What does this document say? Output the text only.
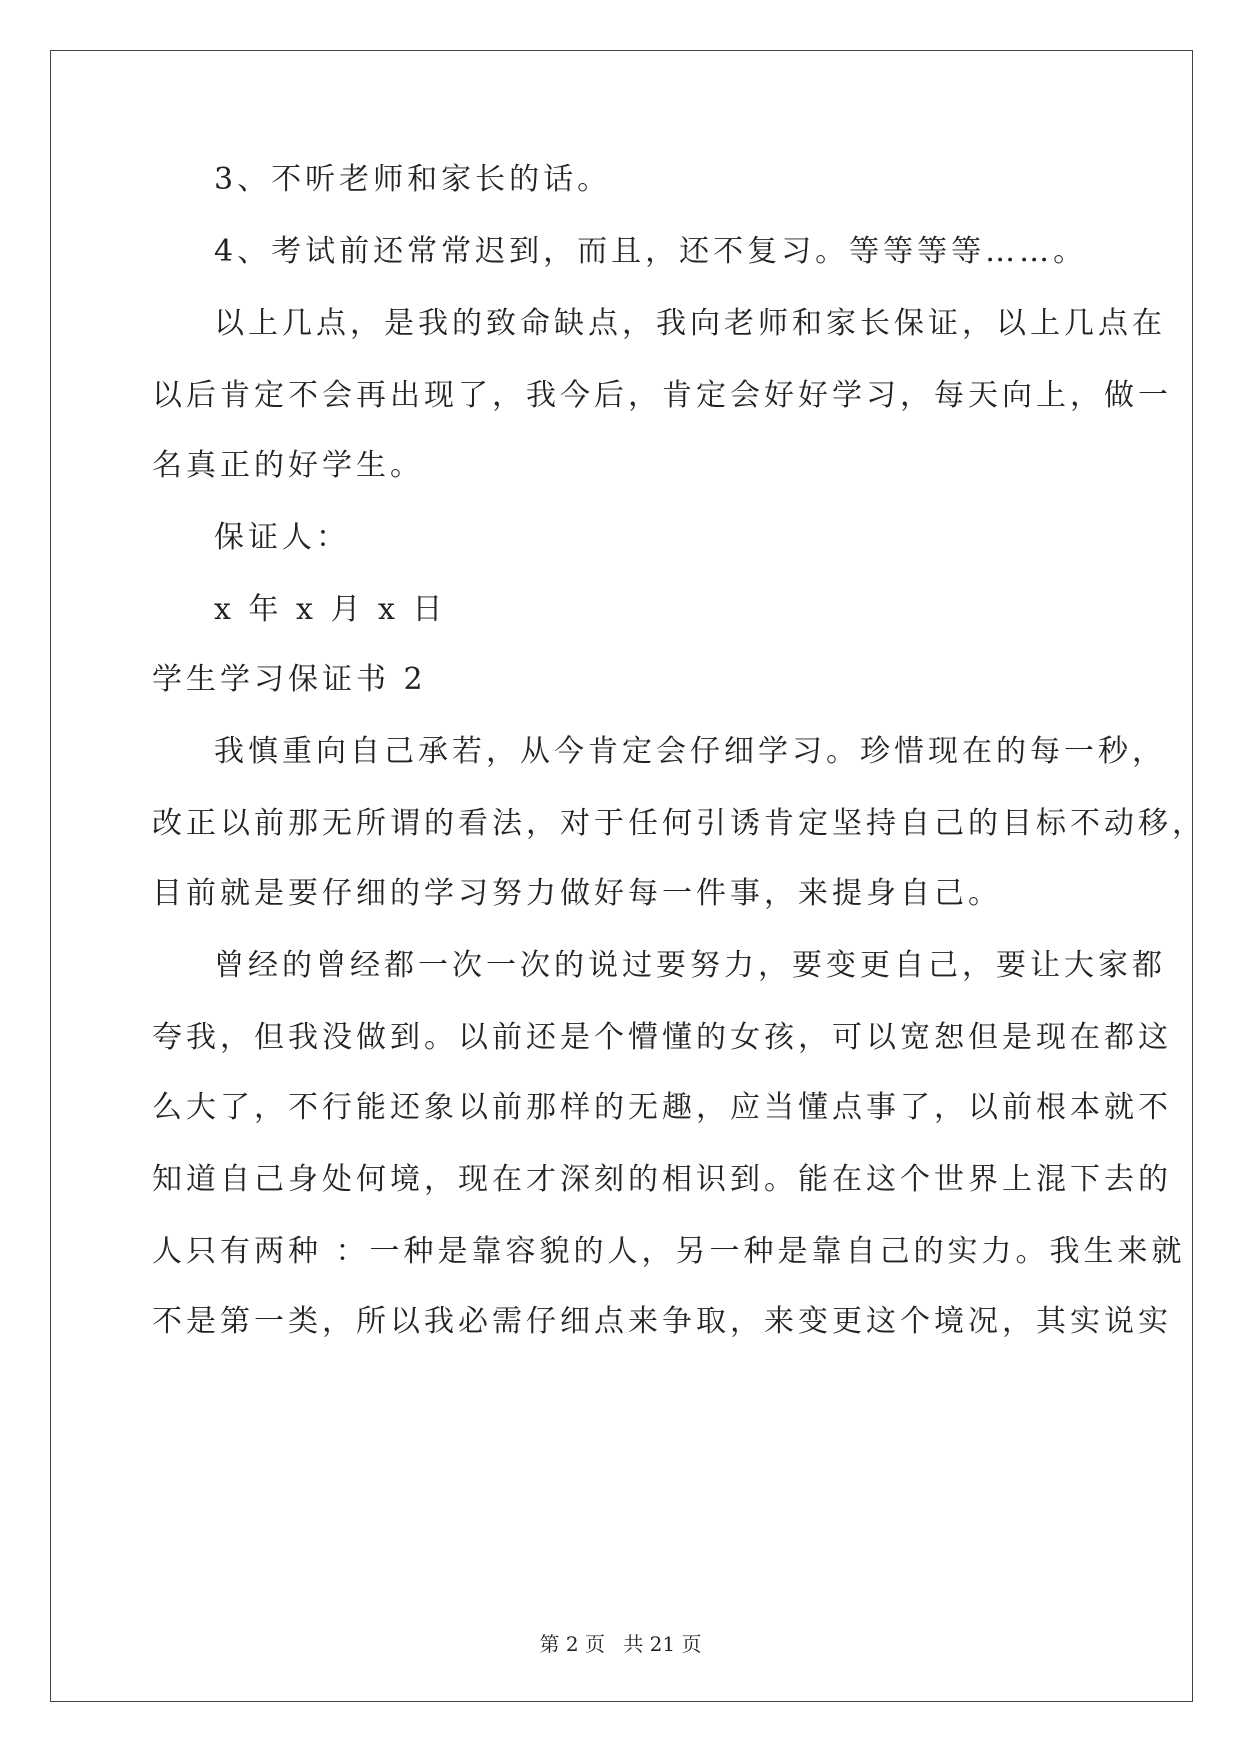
3、不听老师和家长的话。
4、考试前还常常迟到，而且，还不复习。等等等等……。
以上几点，是我的致命缺点，我向老师和家长保证，以上几点在
以后肯定不会再出现了，我今后，肯定会好好学习，每天向上，做一
名真正的好学生。
保证人：
x 年 x 月 x 日
学生学习保证书 2
我慎重向自己承若，从今肯定会仔细学习。珍惜现在的每一秒，
改正以前那无所谓的看法，对于任何引诱肯定坚持自己的目标不动移，
目前就是要仔细的学习努力做好每一件事，来提身自己。
曾经的曾经都一次一次的说过要努力，要变更自己，要让大家都
夸我，但我没做到。以前还是个懵懂的女孩，可以宽恕但是现在都这
么大了，不行能还象以前那样的无趣，应当懂点事了，以前根本就不
知道自己身处何境，现在才深刻的相识到。能在这个世界上混下去的
人只有两种 ：一种是靠容貌的人，另一种是靠自己的实力。我生来就
不是第一类，所以我必需仔细点来争取，来变更这个境况，其实说实
第 2 页 共 21 页
